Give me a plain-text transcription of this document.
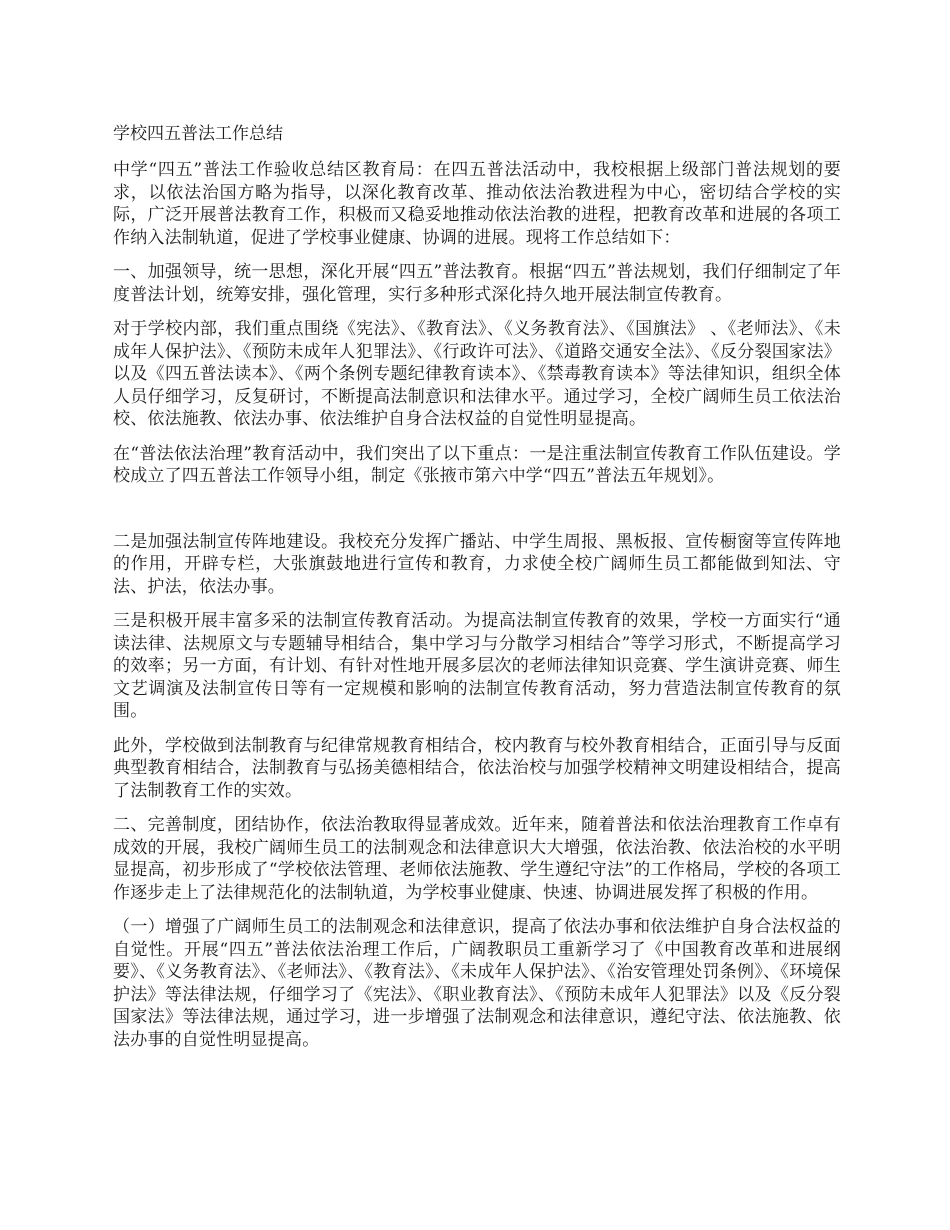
学校四五普法工作总结

中学“四五”普法工作验收总结区教育局：在四五普法活动中，我校根据上级部门普法规划的要求，以依法治国方略为指导，以深化教育改革、推动依法治教进程为中心，密切结合学校的实际，广泛开展普法教育工作，积极而又稳妥地推动依法治教的进程，把教育改革和进展的各项工作纳入法制轨道，促进了学校事业健康、协调的进展。现将工作总结如下：

一、加强领导，统一思想，深化开展“四五”普法教育。根据“四五”普法规划，我们仔细制定了年度普法计划，统筹安排，强化管理，实行多种形式深化持久地开展法制宣传教育。

对于学校内部，我们重点围绕《宪法》、《教育法》、《义务教育法》、《国旗法》 、《老师法》、《未成年人保护法》、《预防未成年人犯罪法》、《行政许可法》、《道路交通安全法》、《反分裂国家法》以及《四五普法读本》、《两个条例专题纪律教育读本》、《禁毒教育读本》等法律知识，组织全体人员仔细学习，反复研讨，不断提高法制意识和法律水平。通过学习，全校广阔师生员工依法治校、依法施教、依法办事、依法维护自身合法权益的自觉性明显提高。

在“普法依法治理”教育活动中，我们突出了以下重点：一是注重法制宣传教育工作队伍建设。学校成立了四五普法工作领导小组，制定《张掖市第六中学“四五”普法五年规划》。

二是加强法制宣传阵地建设。我校充分发挥广播站、中学生周报、黑板报、宣传橱窗等宣传阵地的作用，开辟专栏，大张旗鼓地进行宣传和教育，力求使全校广阔师生员工都能做到知法、守法、护法，依法办事。

三是积极开展丰富多采的法制宣传教育活动。为提高法制宣传教育的效果，学校一方面实行“通读法律、法规原文与专题辅导相结合，集中学习与分散学习相结合”等学习形式，不断提高学习的效率；另一方面，有计划、有针对性地开展多层次的老师法律知识竞赛、学生演讲竞赛、师生文艺调演及法制宣传日等有一定规模和影响的法制宣传教育活动，努力营造法制宣传教育的氛围。

此外，学校做到法制教育与纪律常规教育相结合，校内教育与校外教育相结合，正面引导与反面典型教育相结合，法制教育与弘扬美德相结合，依法治校与加强学校精神文明建设相结合，提高了法制教育工作的实效。

二、完善制度，团结协作，依法治教取得显著成效。近年来，随着普法和依法治理教育工作卓有成效的开展，我校广阔师生员工的法制观念和法律意识大大增强，依法治教、依法治校的水平明显提高，初步形成了“学校依法管理、老师依法施教、学生遵纪守法”的工作格局，学校的各项工作逐步走上了法律规范化的法制轨道，为学校事业健康、快速、协调进展发挥了积极的作用。

（一）增强了广阔师生员工的法制观念和法律意识，提高了依法办事和依法维护自身合法权益的自觉性。开展“四五”普法依法治理工作后，广阔教职员工重新学习了《中国教育改革和进展纲要》、《义务教育法》、《老师法》、《教育法》、《未成年人保护法》、《治安管理处罚条例》、《环境保护法》等法律法规，仔细学习了《宪法》、《职业教育法》、《预防未成年人犯罪法》以及《反分裂国家法》等法律法规，通过学习，进一步增强了法制观念和法律意识，遵纪守法、依法施教、依法办事的自觉性明显提高。
